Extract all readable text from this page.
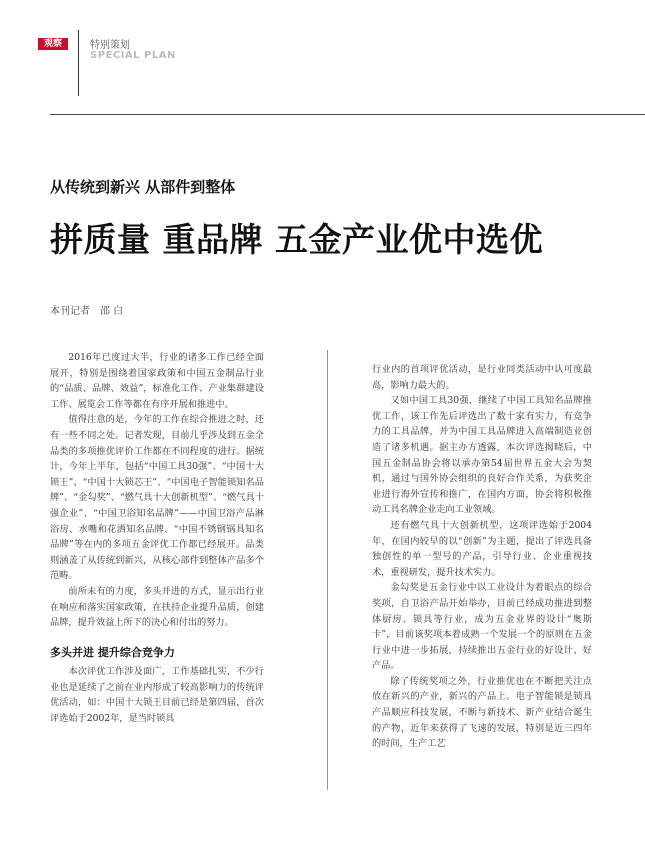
观察	特别策划
SPECIAL PLAN
从传统到新兴 从部件到整体
拼质量 重品牌 五金产业优中选优
本刊记者 邵 白

2016年已度过大半，行业的诸多工作已经全面展开，特别是围绕着国家政策和中国五金制品行业的“品质、品牌、效益”，标准化工作、产业集群建设工作、展览会工作等都在有序开展和推进中。

值得注意的是，今年的工作在综合推进之时，还有一些不同之处。记者发现，目前几乎涉及到五金全品类的多项推优评价工作都在不同程度的进行。据统计，今年上半年，包括“中国工具30强”、“中国十大锁王”、“中国十大锁芯王”、“中国电子智能锁知名品牌”、“金勾奖”、“燃气具十大创新机型”、“燃气具十强企业”、“中国卫浴知名品牌”——中国卫浴产品淋浴房、水嘴和花洒知名品牌、“中国不锈钢锅具知名品牌”等在内的多项五金评优工作都已经展开。品类则涵盖了从传统到新兴，从核心部件到整体产品多个范畴。

前所未有的力度，多头并进的方式，显示出行业在响应和落实国家政策，在扶持企业提升品质，创建品牌，提升效益上所下的决心和付出的努力。

多头并进 提升综合竞争力

本次评优工作涉及面广，工作基础扎实，不少行业也是延续了之前在业内形成了较高影响力的传统评优活动，如：中国十大锁王目前已经是第四届，首次评选始于2002年，是当时锁具

行业内的首项评优活动，是行业同类活动中认可度最高，影响力最大的。

又如中国工具30强，继续了中国工具知名品牌推优工作，该工作先后评选出了数十家有实力，有竞争力的工具品牌，并为中国工具品牌进入高端制造业创造了诸多机遇。据主办方透露，本次评选揭晓后，中国五金制品协会将以承办第54届世界五金大会为契机，通过与国外协会组织的良好合作关系，为获奖企业进行海外宣传和推广，在国内方面，协会将积极推动工具名牌企业走向工业领域。

还有燃气具十大创新机型，这项评选始于2004年，在国内较早的以“创新”为主题，提出了评选具备独创性的单一型号的产品，引导行业、企业重视技术，重视研发，提升技术实力。

金勾奖是五金行业中以工业设计为着眼点的综合奖项，自卫浴产品开始举办，目前已经成功推进到整体厨房、锁具等行业，成为五金业界的设计“奥斯卡”，目前该奖项本着成熟一个发展一个的原则在五金行业中进一步拓展，持续推出五金行业的好设计、好产品。

除了传统奖项之外，行业推优也在不断把关注点放在新兴的产业，新兴的产品上。电子智能锁是锁具产品顺应科技发展，不断与新技术、新产业结合诞生的产物，近年来获得了飞速的发展，特别是近三四年的时间，生产工艺
